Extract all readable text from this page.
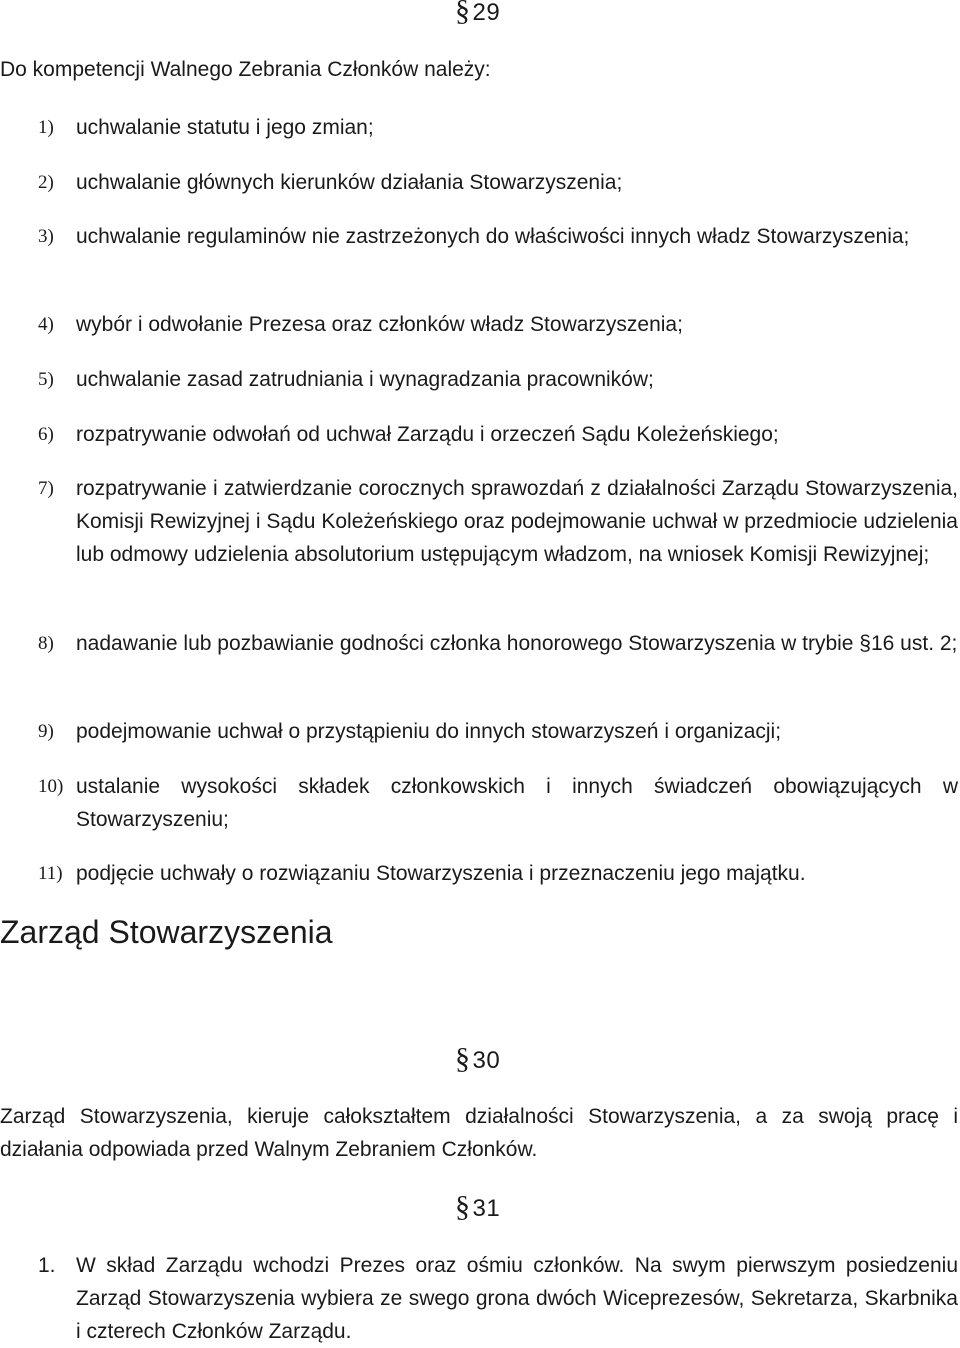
§29
Do kompetencji Walnego Zebrania Członków należy:
1) uchwalanie statutu i jego zmian;
2) uchwalanie głównych kierunków działania Stowarzyszenia;
3) uchwalanie regulaminów nie zastrzeżonych do właściwości innych władz Stowarzyszenia;
4) wybór i odwołanie Prezesa oraz członków władz Stowarzyszenia;
5) uchwalanie zasad zatrudniania i wynagradzania pracowników;
6) rozpatrywanie odwołań od uchwał Zarządu i orzeczeń Sądu Koleżeńskiego;
7) rozpatrywanie i zatwierdzanie corocznych sprawozdań z działalności Zarządu Stowarzyszenia, Komisji Rewizyjnej i Sądu Koleżeńskiego oraz podejmowanie uchwał w przedmiocie udzielenia lub odmowy udzielenia absolutorium ustępującym władzom, na wniosek Komisji Rewizyjnej;
8) nadawanie lub pozbawianie godności członka honorowego Stowarzyszenia w trybie §16 ust. 2;
9) podejmowanie uchwał o przystąpieniu do innych stowarzyszeń i organizacji;
10) ustalanie wysokości składek członkowskich i innych świadczeń obowiązujących w Stowarzyszeniu;
11) podjęcie uchwały o rozwiązaniu Stowarzyszenia i przeznaczeniu jego majątku.
Zarząd Stowarzyszenia
§30
Zarząd Stowarzyszenia, kieruje całokształtem działalności Stowarzyszenia, a za swoją pracę i działania odpowiada przed Walnym Zebraniem Członków.
§31
1. W skład Zarządu wchodzi Prezes oraz ośmiu członków. Na swym pierwszym posiedzeniu Zarząd Stowarzyszenia wybiera ze swego grona dwóch Wiceprezesów, Sekretarza, Skarbnika i czterech Członków Zarządu.
